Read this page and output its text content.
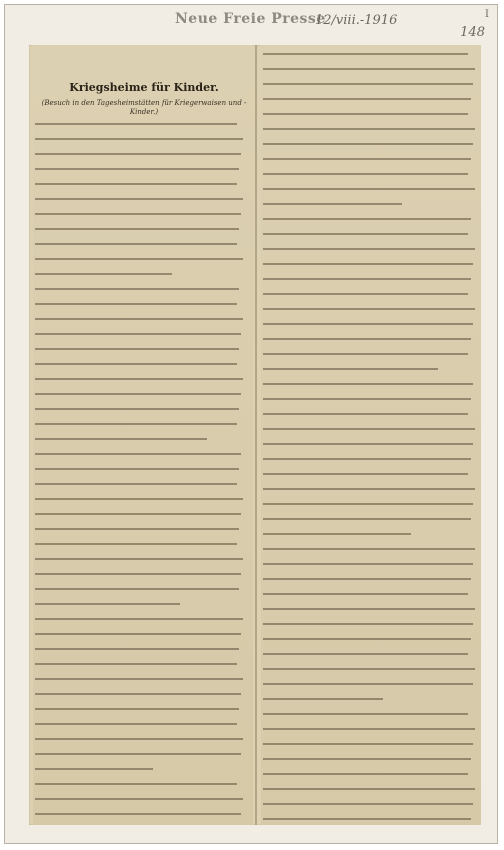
Neue Freie Presse
12/viii.-1916	I
148
Kriegsheime für Kinder.
(Besuch in den Tagesheimstätten für Kriegerwaisen und -Kinder.)
